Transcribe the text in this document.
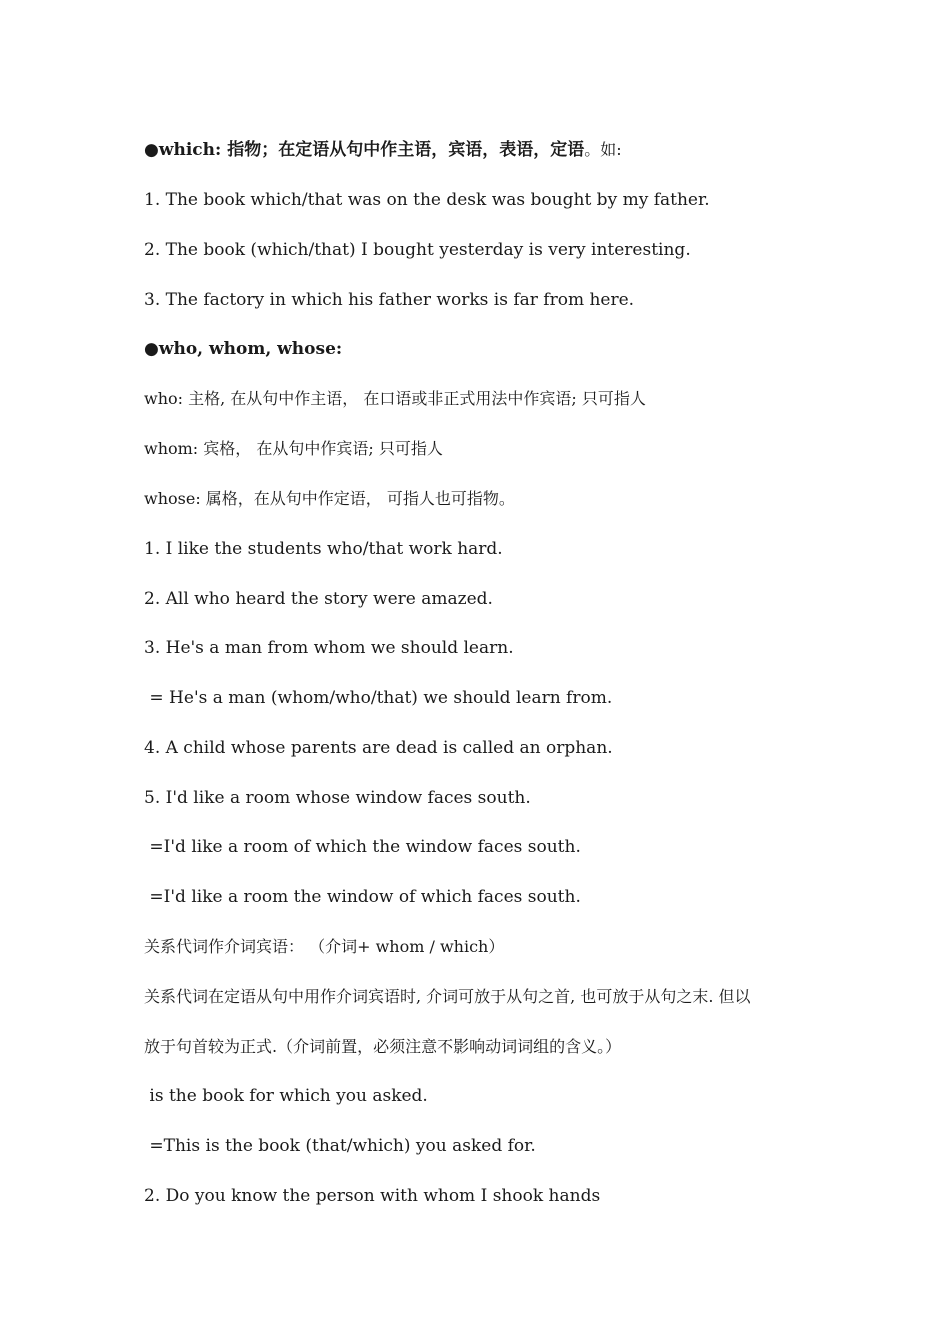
●which: 指物；在定语从句中作主语，宾语，表语，定语。如:
1. The book which/that was on the desk was bought by my father.
2. The book (which/that) I bought yesterday is very interesting.
3. The factory in which his father works is far from here.
●who, whom, whose:
who: 主格, 在从句中作主语， 在口语或非正式用法中作宾语; 只可指人
whom: 宾格， 在从句中作宾语; 只可指人
whose: 属格，在从句中作定语， 可指人也可指物。
1. I like the students who/that work hard.
2. All who heard the story were amazed.
3. He's a man from whom we should learn.
= He's a man (whom/who/that) we should learn from.
4. A child whose parents are dead is called an orphan.
5. I'd like a room whose window faces south.
=I'd like a room of which the window faces south.
=I'd like a room the window of which faces south.
关系代词作介词宾语： （介词+ whom / which）
关系代词在定语从句中用作介词宾语时, 介词可放于从句之首, 也可放于从句之末. 但以
放于句首较为正式.（介词前置，必须注意不影响动词词组的含义。）
is the book for which you asked.
=This is the book (that/which) you asked for.
2. Do you know the person with whom I shook hands
